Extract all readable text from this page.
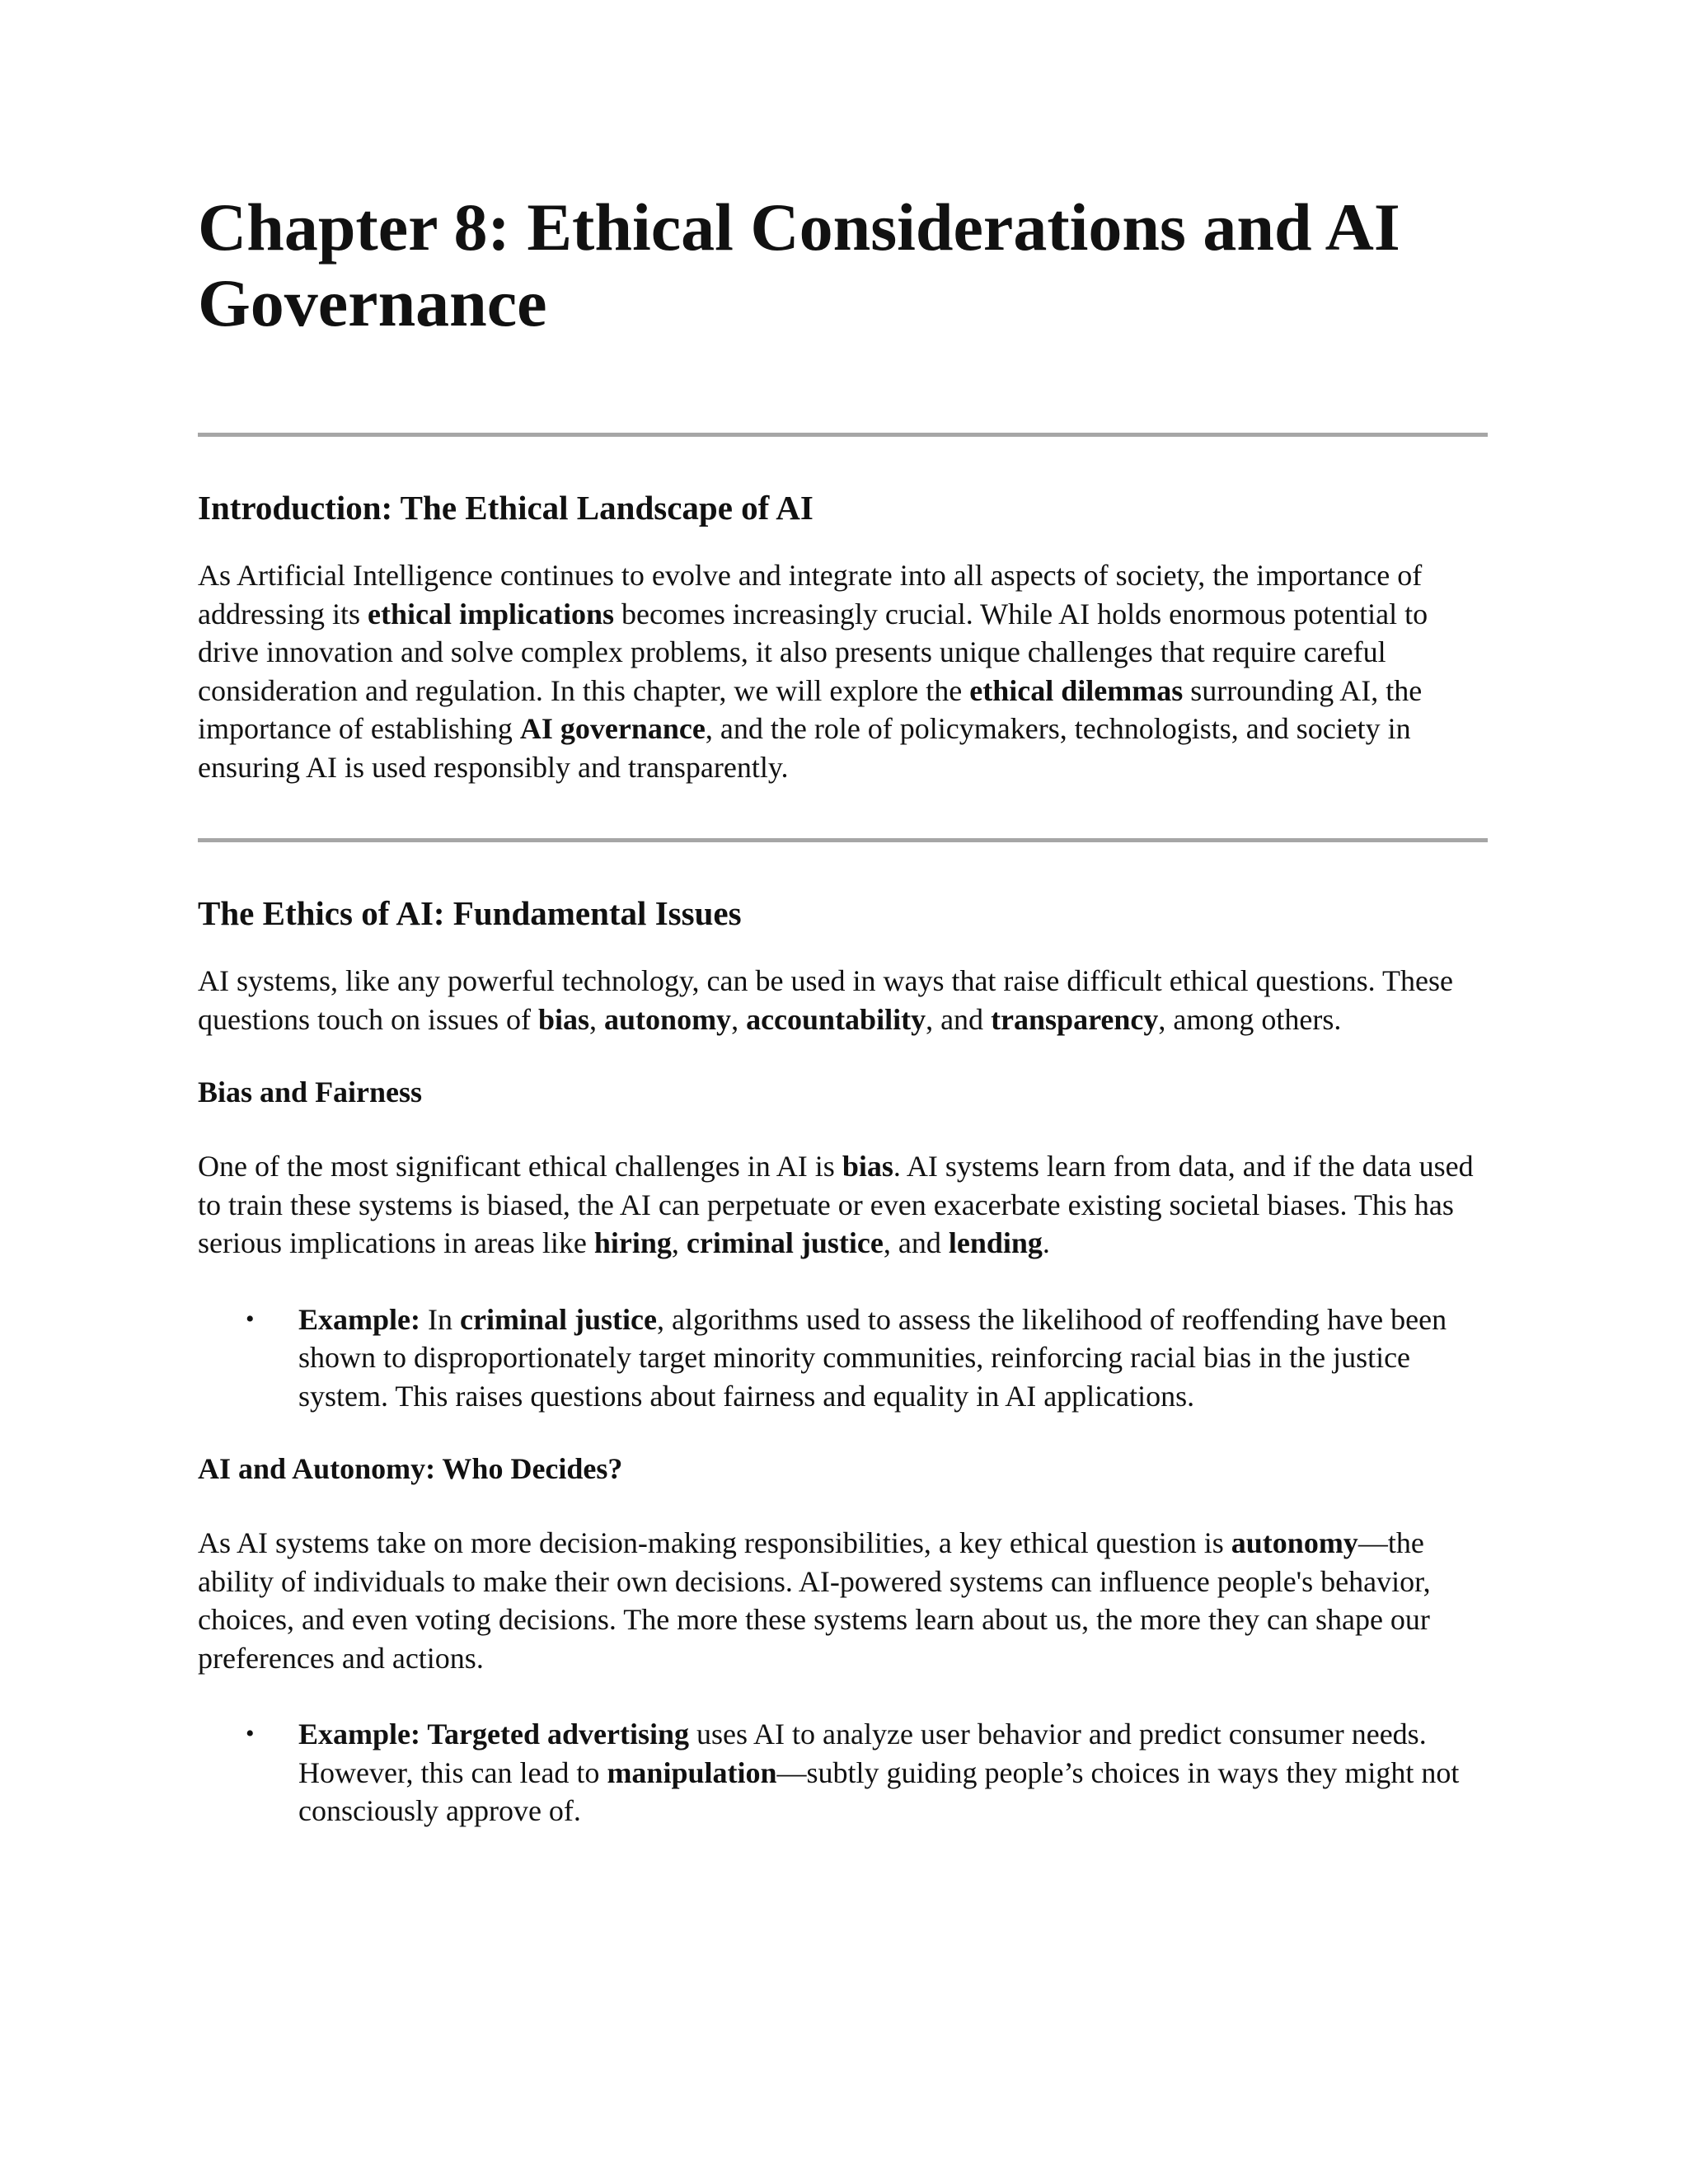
Chapter 8: Ethical Considerations and AI Governance
Introduction: The Ethical Landscape of AI

As Artificial Intelligence continues to evolve and integrate into all aspects of society, the importance of addressing its ethical implications becomes increasingly crucial. While AI holds enormous potential to drive innovation and solve complex problems, it also presents unique challenges that require careful consideration and regulation. In this chapter, we will explore the ethical dilemmas surrounding AI, the importance of establishing AI governance, and the role of policymakers, technologists, and society in ensuring AI is used responsibly and transparently.

The Ethics of AI: Fundamental Issues

AI systems, like any powerful technology, can be used in ways that raise difficult ethical questions. These questions touch on issues of bias, autonomy, accountability, and transparency, among others.

Bias and Fairness

One of the most significant ethical challenges in AI is bias. AI systems learn from data, and if the data used to train these systems is biased, the AI can perpetuate or even exacerbate existing societal biases. This has serious implications in areas like hiring, criminal justice, and lending.

• Example: In criminal justice, algorithms used to assess the likelihood of reoffending have been shown to disproportionately target minority communities, reinforcing racial bias in the justice system. This raises questions about fairness and equality in AI applications.
AI and Autonomy: Who Decides?

As AI systems take on more decision-making responsibilities, a key ethical question is autonomy—the ability of individuals to make their own decisions. AI-powered systems can influence people's behavior, choices, and even voting decisions. The more these systems learn about us, the more they can shape our preferences and actions.

• Example: Targeted advertising uses AI to analyze user behavior and predict consumer needs. However, this can lead to manipulation—subtly guiding people’s choices in ways they might not consciously approve of.
